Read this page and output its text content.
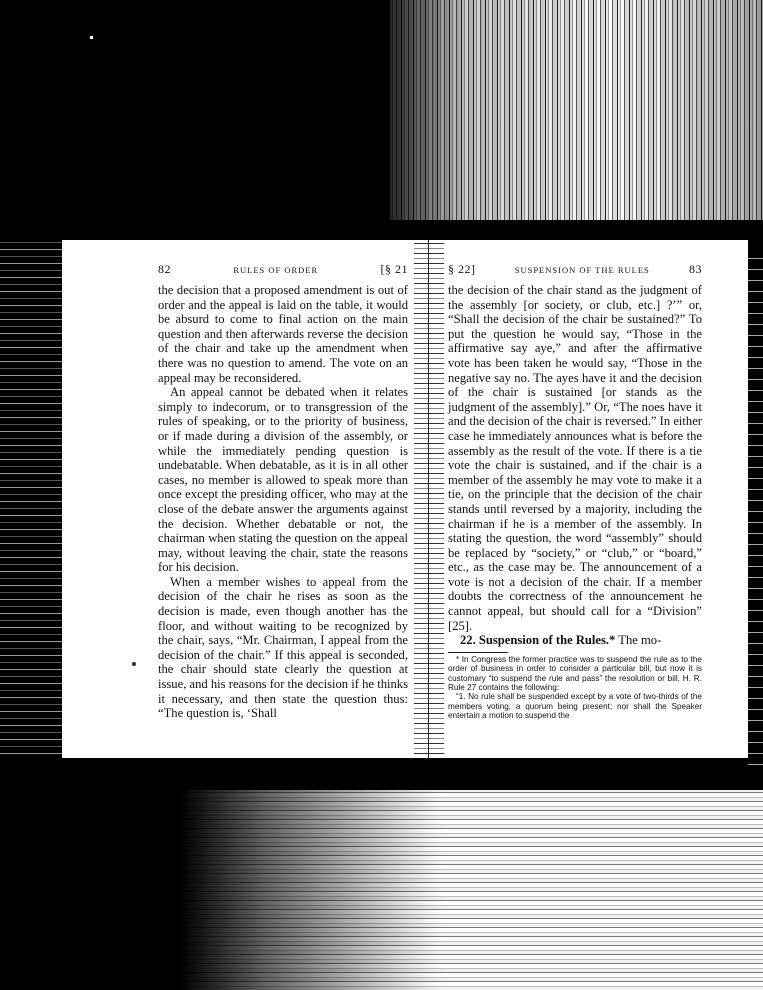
82	RULES OF ORDER	[§ 21

the decision that a proposed amendment is out of order and the appeal is laid on the table, it would be absurd to come to final action on the main question and then afterwards reverse the decision of the chair and take up the amendment when there was no question to amend. The vote on an appeal may be reconsidered.

An appeal cannot be debated when it relates simply to indecorum, or to transgression of the rules of speaking, or to the priority of business, or if made during a division of the assembly, or while the immediately pending question is undebatable. When debatable, as it is in all other cases, no member is allowed to speak more than once except the presiding officer, who may at the close of the debate answer the arguments against the decision. Whether debatable or not, the chairman when stating the question on the appeal may, without leaving the chair, state the reasons for his decision.

When a member wishes to appeal from the decision of the chair he rises as soon as the decision is made, even though another has the floor, and without waiting to be recognized by the chair, says, “Mr. Chairman, I appeal from the decision of the chair.” If this appeal is seconded, the chair should state clearly the question at issue, and his reasons for the decision if he thinks it necessary, and then state the question thus: “The question is, ‘Shall

§ 22]	SUSPENSION OF THE RULES	83

the decision of the chair stand as the judgment of the assembly [or society, or club, etc.] ?’” or, “Shall the decision of the chair be sustained?” To put the question he would say, “Those in the affirmative say aye,” and after the affirmative vote has been taken he would say, “Those in the negative say no. The ayes have it and the decision of the chair is sustained [or stands as the judgment of the assembly].” Or, “The noes have it and the decision of the chair is reversed.” In either case he immediately announces what is before the assembly as the result of the vote. If there is a tie vote the chair is sustained, and if the chair is a member of the assembly he may vote to make it a tie, on the principle that the decision of the chair stands until reversed by a majority, including the chairman if he is a member of the assembly. In stating the question, the word “assembly” should be replaced by “society,” or “club,” or “board,” etc., as the case may be. The announcement of a vote is not a decision of the chair. If a member doubts the correctness of the announcement he cannot appeal, but should call for a “Division” [25].

22. Suspension of the Rules.* The mo-

* In Congress the former practice was to suspend the rule as to the order of business in order to consider a particular bill, but now it is customary “to suspend the rule and pass” the resolution or bill. H. R. Rule 27 contains the following:

“1. No rule shall be suspended except by a vote of two-thirds of the members voting, a quorum being present; nor shall the Speaker entertain a motion to suspend the
